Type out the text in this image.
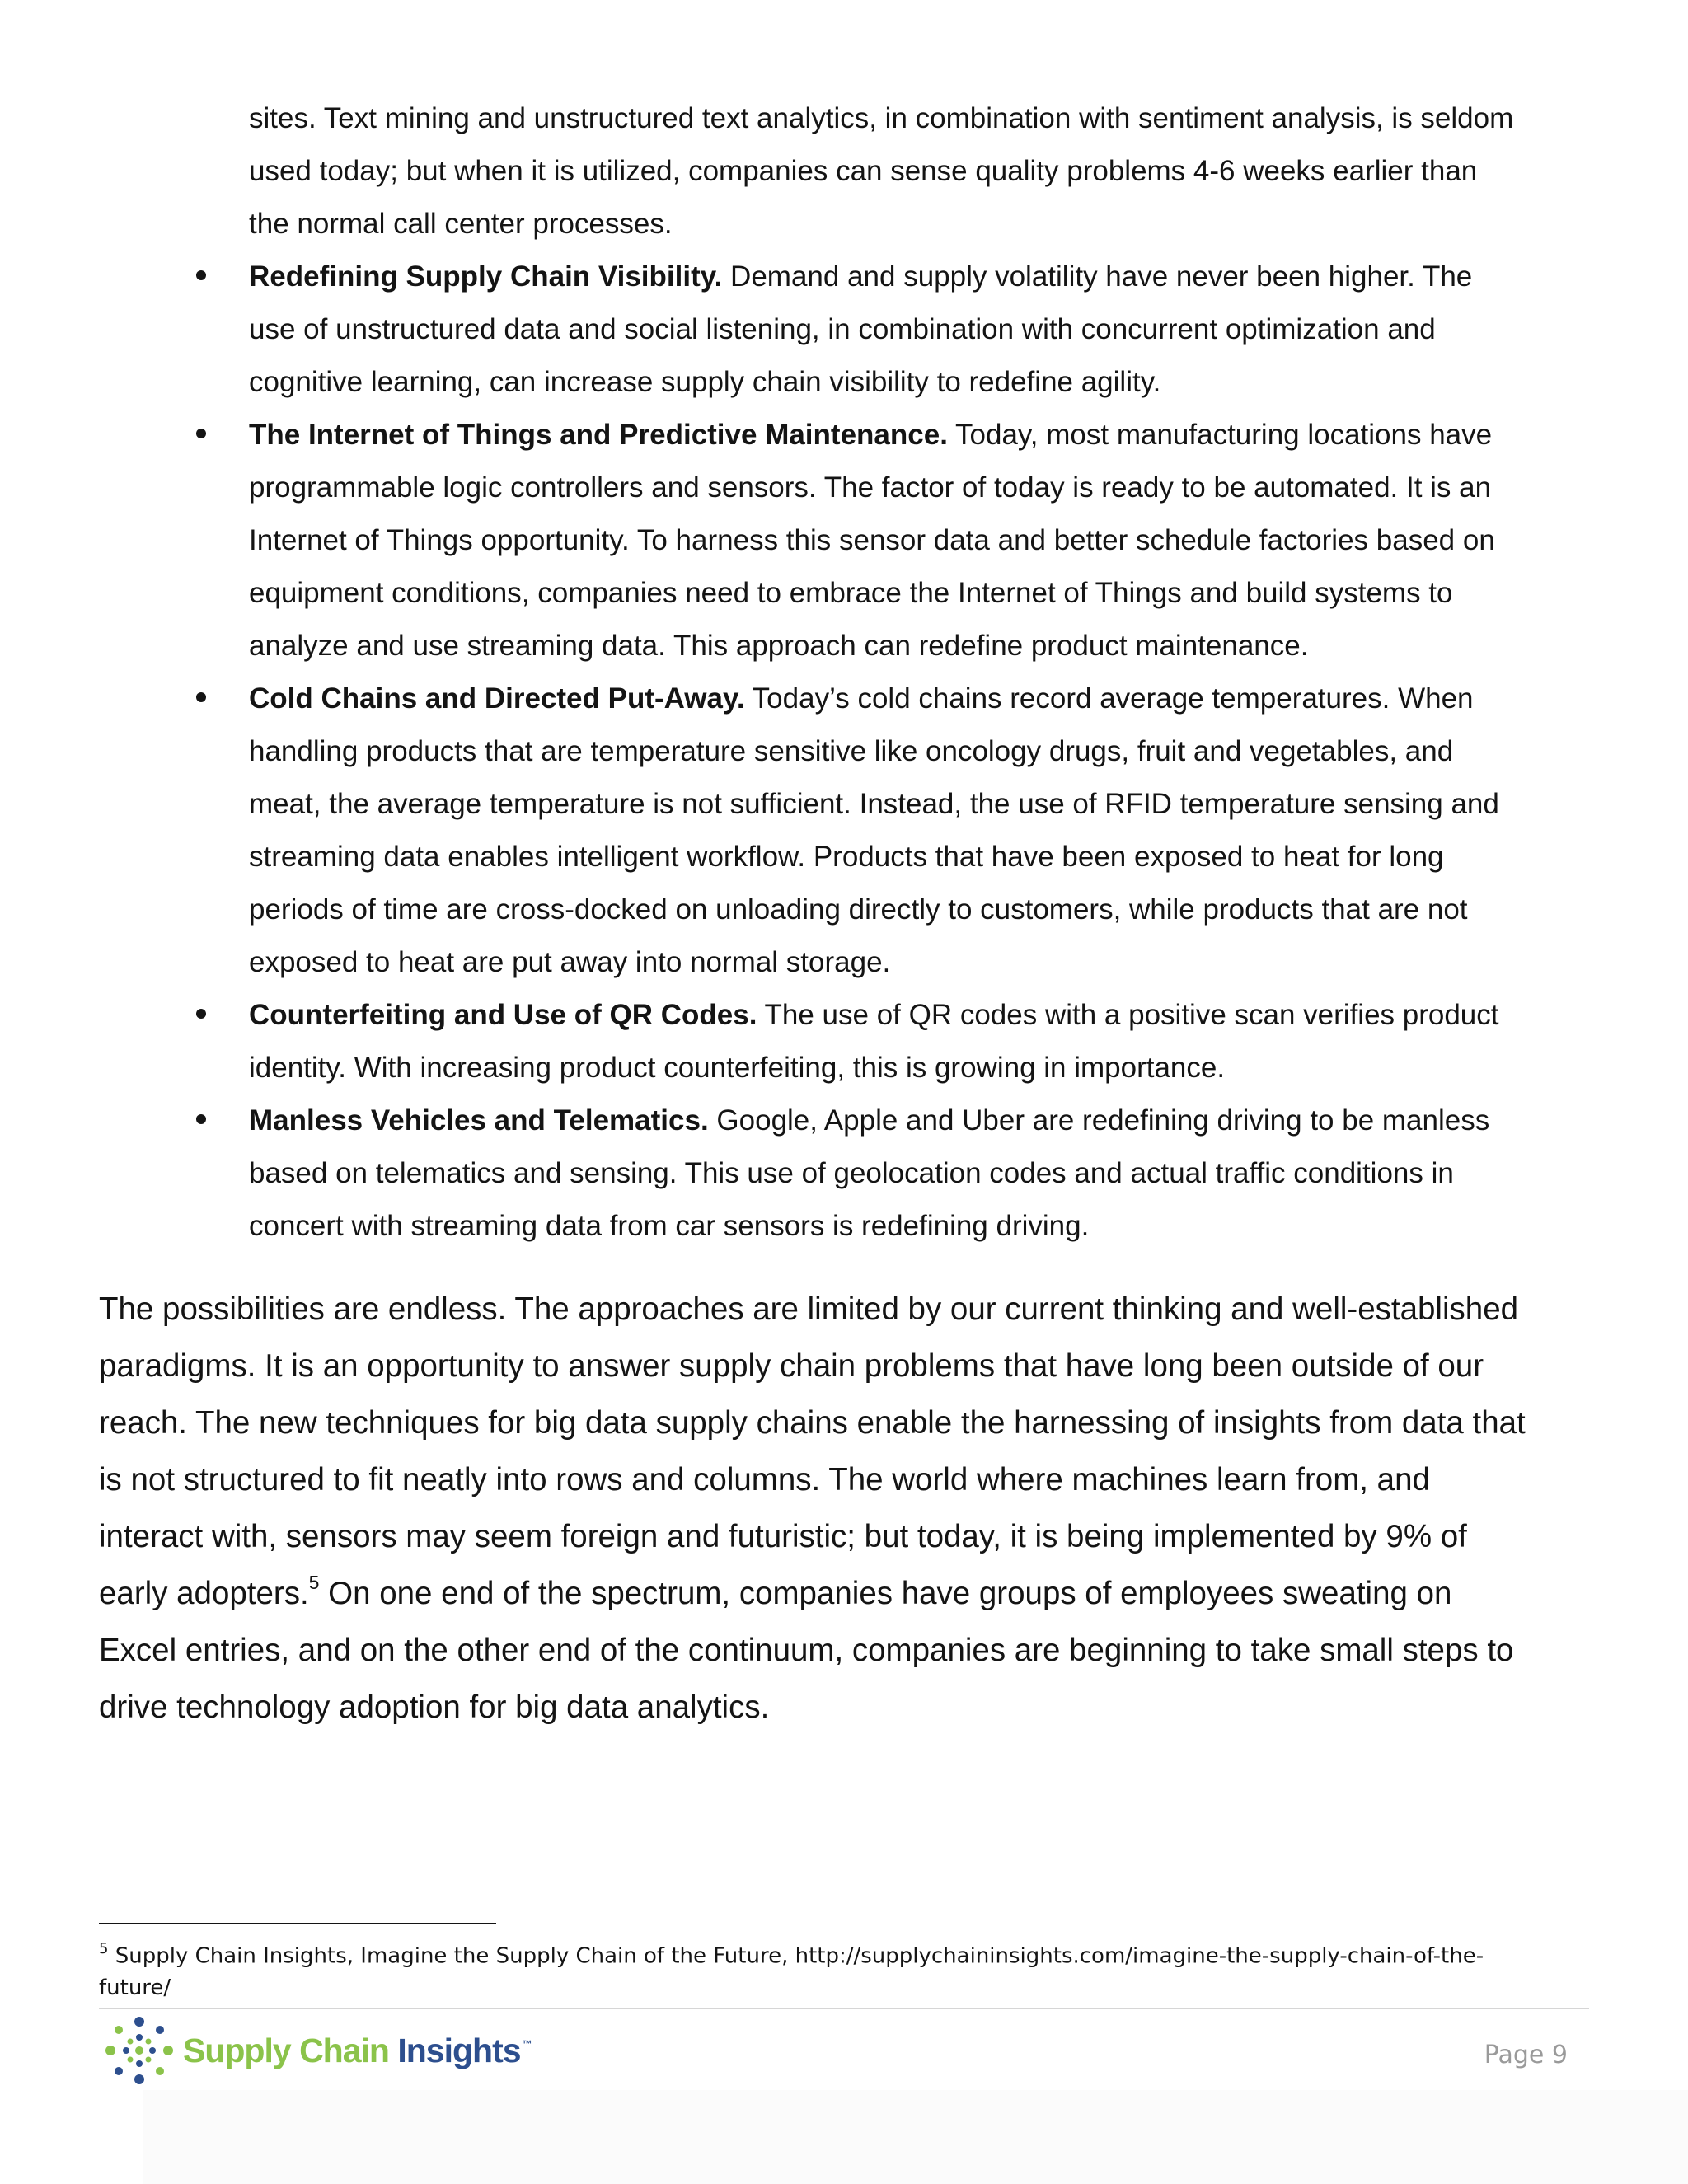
sites. Text mining and unstructured text analytics, in combination with sentiment analysis, is seldom
used today; but when it is utilized, companies can sense quality problems 4-6 weeks earlier than
the normal call center processes.
Redefining Supply Chain Visibility. Demand and supply volatility have never been higher. The
use of unstructured data and social listening, in combination with concurrent optimization and
cognitive learning, can increase supply chain visibility to redefine agility.
The Internet of Things and Predictive Maintenance. Today, most manufacturing locations have
programmable logic controllers and sensors. The factor of today is ready to be automated. It is an
Internet of Things opportunity. To harness this sensor data and better schedule factories based on
equipment conditions, companies need to embrace the Internet of Things and build systems to
analyze and use streaming data. This approach can redefine product maintenance.
Cold Chains and Directed Put-Away. Today’s cold chains record average temperatures. When
handling products that are temperature sensitive like oncology drugs, fruit and vegetables, and
meat, the average temperature is not sufficient. Instead, the use of RFID temperature sensing and
streaming data enables intelligent workflow. Products that have been exposed to heat for long
periods of time are cross-docked on unloading directly to customers, while products that are not
exposed to heat are put away into normal storage.
Counterfeiting and Use of QR Codes. The use of QR codes with a positive scan verifies product
identity. With increasing product counterfeiting, this is growing in importance.
Manless Vehicles and Telematics. Google, Apple and Uber are redefining driving to be manless
based on telematics and sensing. This use of geolocation codes and actual traffic conditions in
concert with streaming data from car sensors is redefining driving.
The possibilities are endless. The approaches are limited by our current thinking and well-established
paradigms. It is an opportunity to answer supply chain problems that have long been outside of our
reach. The new techniques for big data supply chains enable the harnessing of insights from data that
is not structured to fit neatly into rows and columns. The world where machines learn from, and
interact with, sensors may seem foreign and futuristic; but today, it is being implemented by 9% of
early adopters.$^5$ On one end of the spectrum, companies have groups of employees sweating on
Excel entries, and on the other end of the continuum, companies are beginning to take small steps to
drive technology adoption for big data analytics.
$^5$ Supply Chain Insights, Imagine the Supply Chain of the Future, http://supplychaininsights.com/imagine-the-supply-chain-of-the-
future/
Supply Chain Insights ™	Page 9
